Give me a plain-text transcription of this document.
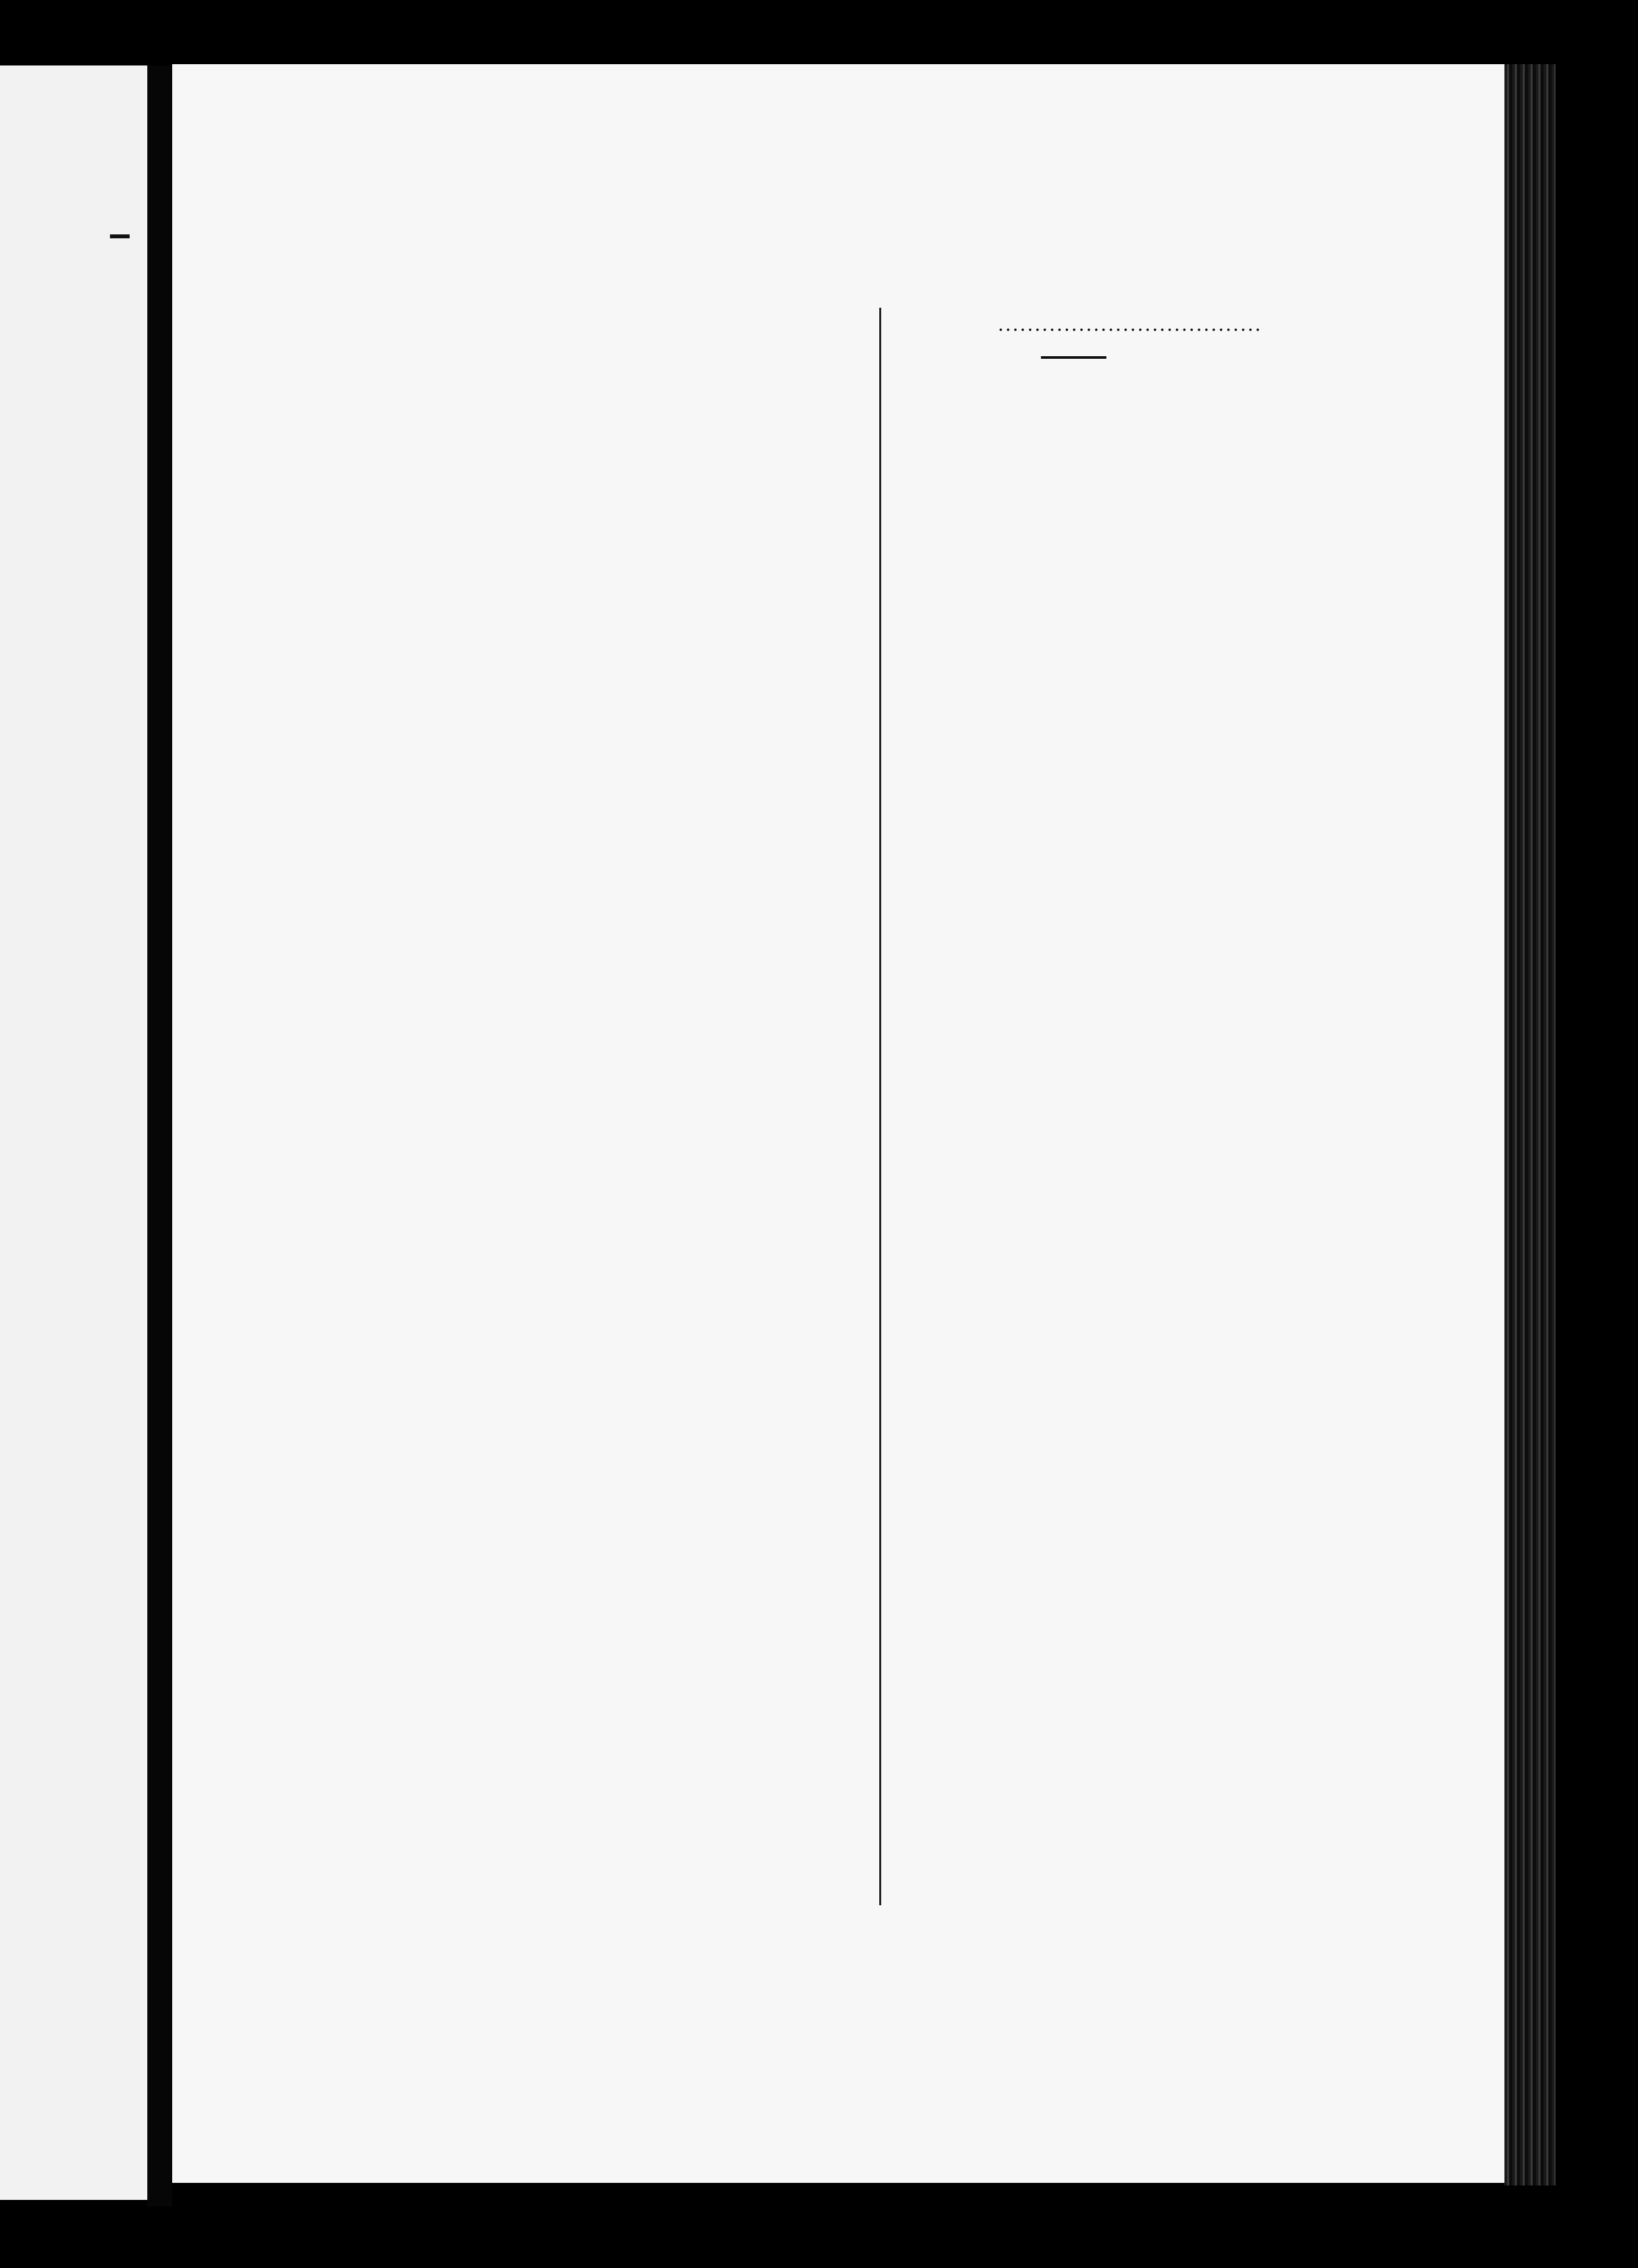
.....
